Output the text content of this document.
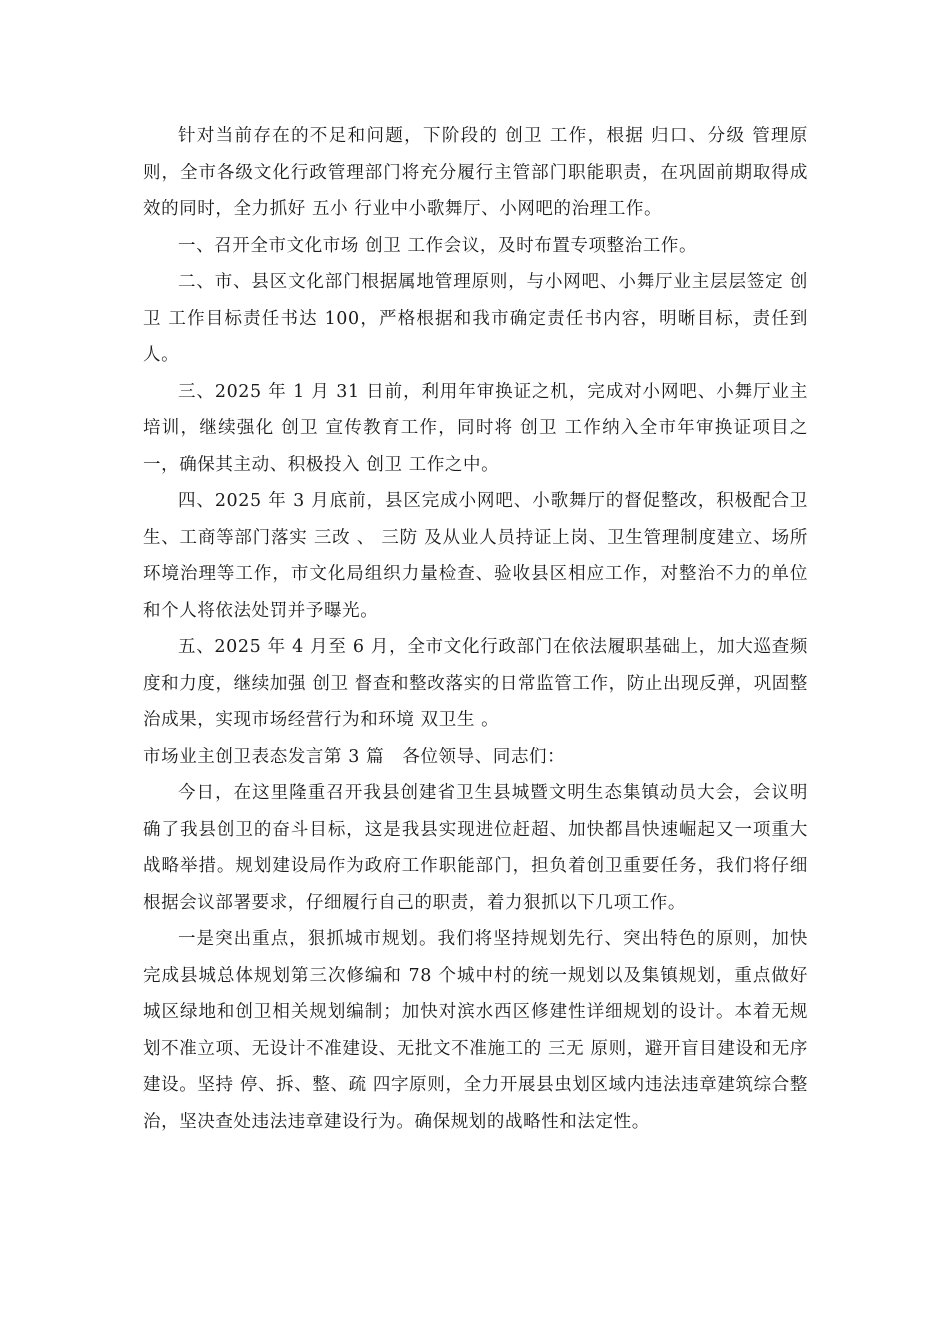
针对当前存在的不足和问题，下阶段的 创卫 工作，根据 归口、分级 管理原则，全市各级文化行政管理部门将充分履行主管部门职能职责，在巩固前期取得成效的同时，全力抓好 五小 行业中小歌舞厅、小网吧的治理工作。

一、召开全市文化市场 创卫 工作会议，及时布置专项整治工作。

二、市、县区文化部门根据属地管理原则，与小网吧、小舞厅业主层层签定 创卫 工作目标责任书达 100，严格根据和我市确定责任书内容，明晰目标，责任到人。

三、2025 年 1 月 31 日前，利用年审换证之机，完成对小网吧、小舞厅业主培训，继续强化 创卫 宣传教育工作，同时将 创卫 工作纳入全市年审换证项目之一，确保其主动、积极投入 创卫 工作之中。

四、2025 年 3 月底前，县区完成小网吧、小歌舞厅的督促整改，积极配合卫生、工商等部门落实 三改 、 三防 及从业人员持证上岗、卫生管理制度建立、场所环境治理等工作，市文化局组织力量检查、验收县区相应工作，对整治不力的单位和个人将依法处罚并予曝光。

五、2025 年 4 月至 6 月，全市文化行政部门在依法履职基础上，加大巡查频度和力度，继续加强 创卫 督查和整改落实的日常监管工作，防止出现反弹，巩固整治成果，实现市场经营行为和环境 双卫生 。

市场业主创卫表态发言第 3 篇　各位领导、同志们：

今日，在这里隆重召开我县创建省卫生县城暨文明生态集镇动员大会，会议明确了我县创卫的奋斗目标，这是我县实现进位赶超、加快都昌快速崛起又一项重大战略举措。规划建设局作为政府工作职能部门，担负着创卫重要任务，我们将仔细根据会议部署要求，仔细履行自己的职责，着力狠抓以下几项工作。

一是突出重点，狠抓城市规划。我们将坚持规划先行、突出特色的原则，加快完成县城总体规划第三次修编和 78 个城中村的统一规划以及集镇规划，重点做好城区绿地和创卫相关规划编制；加快对滨水西区修建性详细规划的设计。本着无规划不准立项、无设计不准建设、无批文不准施工的 三无 原则，避开盲目建设和无序建设。坚持 停、拆、整、疏 四字原则，全力开展县虫划区域内违法违章建筑综合整治，坚决查处违法违章建设行为。确保规划的战略性和法定性。
